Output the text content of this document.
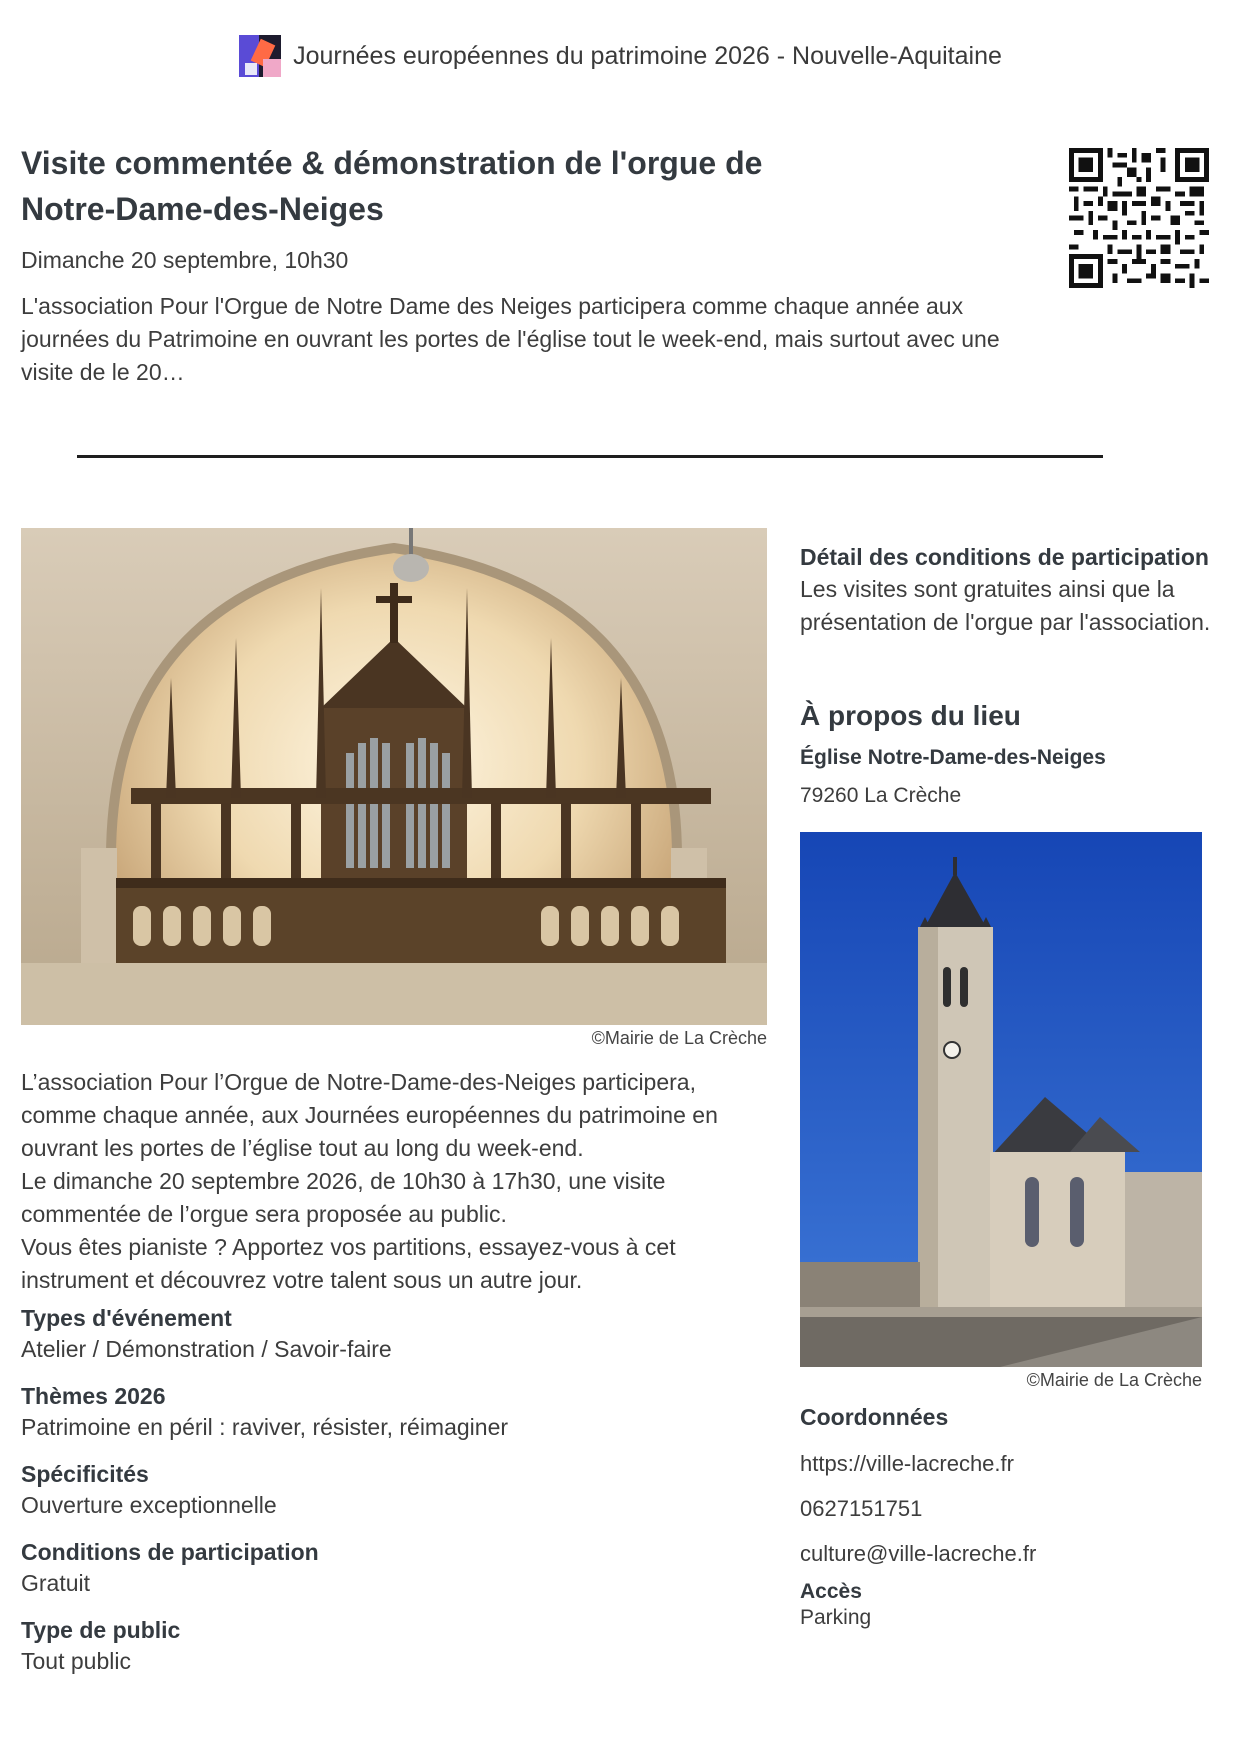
Journées européennes du patrimoine 2026 - Nouvelle-Aquitaine
Visite commentée & démonstration de l'orgue de Notre-Dame-des-Neiges
Dimanche 20 septembre, 10h30

L'association Pour l'Orgue de Notre Dame des Neiges participera comme chaque année aux journées du Patrimoine en ouvrant les portes de l'église tout le week-end, mais surtout avec une visite de le 20…

©Mairie de La Crèche

L’association Pour l’Orgue de Notre-Dame-des-Neiges participera, comme chaque année, aux Journées européennes du patrimoine en ouvrant les portes de l’église tout au long du week-end.

Le dimanche 20 septembre 2026, de 10h30 à 17h30, une visite commentée de l’orgue sera proposée au public.

Vous êtes pianiste ? Apportez vos partitions, essayez-vous à cet instrument et découvrez votre talent sous un autre jour.

Types d'événement
Atelier / Démonstration / Savoir-faire
Thèmes 2026
Patrimoine en péril : raviver, résister, réimaginer
Spécificités
Ouverture exceptionnelle
Conditions de participation
Gratuit
Type de public
Tout public
Détail des conditions de participation
Les visites sont gratuites ainsi que la présentation de l'orgue par l'association.
À propos du lieu
Église Notre-Dame-des-Neiges
79260 La Crèche
©Mairie de La Crèche
Coordonnées
https://ville-lacreche.fr
0627151751
culture@ville-lacreche.fr
Accès
Parking
